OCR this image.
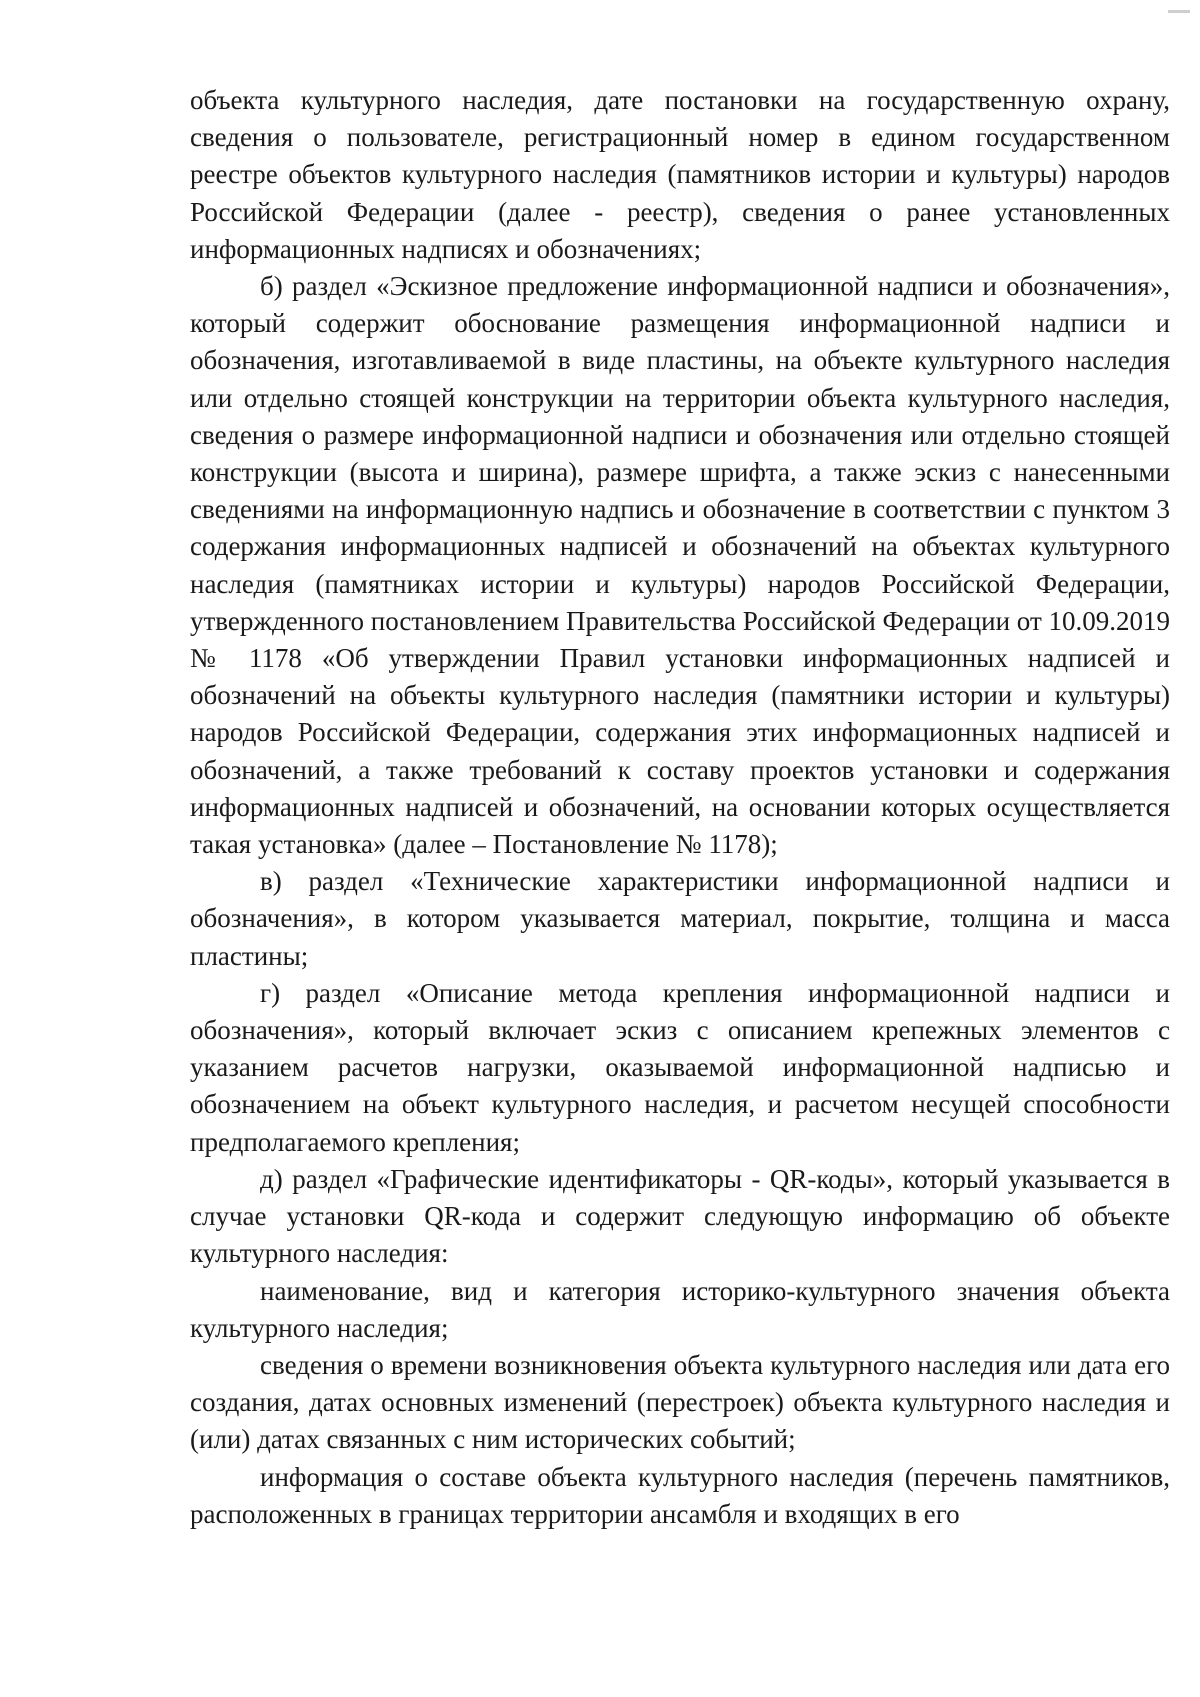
объекта культурного наследия, дате постановки на государственную охрану, сведения о пользователе, регистрационный номер в едином государственном реестре объектов культурного наследия (памятников истории и культуры) народов Российской Федерации (далее - реестр), сведения о ранее установленных информационных надписях и обозначениях;

б) раздел «Эскизное предложение информационной надписи и обозначения», который содержит обоснование размещения информационной надписи и обозначения, изготавливаемой в виде пластины, на объекте культурного наследия или отдельно стоящей конструкции на территории объекта культурного наследия, сведения о размере информационной надписи и обозначения или отдельно стоящей конструкции (высота и ширина), размере шрифта, а также эскиз с нанесенными сведениями на информационную надпись и обозначение в соответствии с пунктом 3 содержания информационных надписей и обозначений на объектах культурного наследия (памятниках истории и культуры) народов Российской Федерации, утвержденного постановлением Правительства Российской Федерации от 10.09.2019 № 1178 «Об утверждении Правил установки информационных надписей и обозначений на объекты культурного наследия (памятники истории и культуры) народов Российской Федерации, содержания этих информационных надписей и обозначений, а также требований к составу проектов установки и содержания информационных надписей и обозначений, на основании которых осуществляется такая установка» (далее – Постановление № 1178);

в) раздел «Технические характеристики информационной надписи и обозначения», в котором указывается материал, покрытие, толщина и масса пластины;

г) раздел «Описание метода крепления информационной надписи и обозначения», который включает эскиз с описанием крепежных элементов с указанием расчетов нагрузки, оказываемой информационной надписью и обозначением на объект культурного наследия, и расчетом несущей способности предполагаемого крепления;

д) раздел «Графические идентификаторы - QR-коды», который указывается в случае установки QR-кода и содержит следующую информацию об объекте культурного наследия:

наименование, вид и категория историко-культурного значения объекта культурного наследия;

сведения о времени возникновения объекта культурного наследия или дата его создания, датах основных изменений (перестроек) объекта культурного наследия и (или) датах связанных с ним исторических событий;

информация о составе объекта культурного наследия (перечень памятников, расположенных в границах территории ансамбля и входящих в его
